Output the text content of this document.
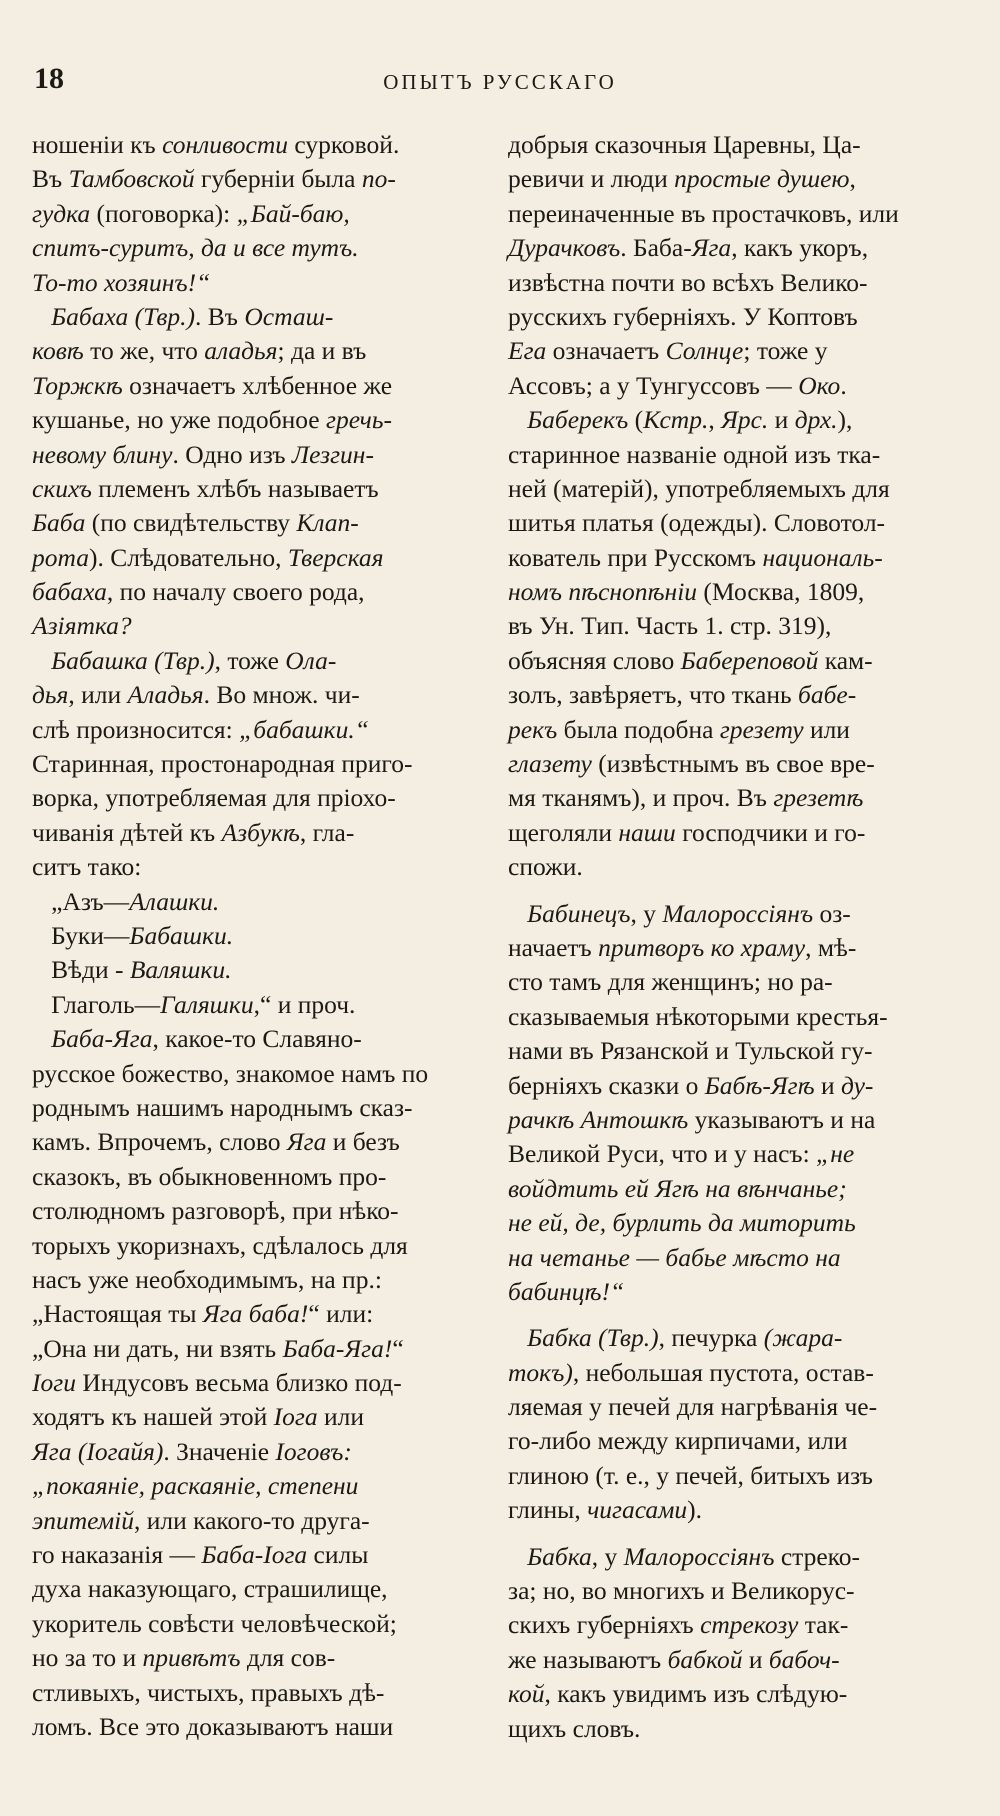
18	ОПЫТЪ РУССКАГО
ношенiи къ сонливости сурковой.
Въ Тамбовской губернiи была по-
гудка (поговорка): „Бай-баю,
спитъ-суритъ, да и все тутъ.
То-то хозяинъ!“
Бабаха (Твр.). Въ Осташ-
ковѣ то же, что аладья; да и въ
Торжкѣ означаетъ хлѣбенное же
кушанье, но уже подобное гречь-
невому блину. Одно изъ Лезгин-
скихъ племенъ хлѣбъ называетъ
Баба (по свидѣтельству Клап-
рота). Слѣдовательно, Тверская
бабаха, по началу своего рода,
Азiятка?
Бабашка (Твр.), тоже Ола-
дья, или Аладья. Во множ. чи-
слѣ произносится: „бабашки.“
Старинная, простонародная приго-
ворка, употребляемая для прiохо-
чиванiя дѣтей къ Азбукѣ, гла-
ситъ тако:
„Азъ—Алашки.
Буки—Бабашки.
Вѣди - Валяшки.
Глаголь—Галяшки,“ и проч.
Баба-Яга, какое-то Славяно-
русское божество, знакомое намъ по
роднымъ нашимъ народнымъ сказ-
камъ. Впрочемъ, слово Яга и безъ
сказокъ, въ обыкновенномъ про-
столюдномъ разговорѣ, при нѣко-
торыхъ укоризнахъ, сдѣлалось для
насъ уже необходимымъ, на пр.:
„Настоящая ты Яга баба!“ или:
„Она ни дать, ни взять Баба-Яга!“
Iоги Индусовъ весьма близко под-
ходятъ къ нашей этой Iога или
Яга (Iогайя). Значенiе Iоговъ:
„покаянiе, раскаянiе, степени
эпитемiй, или какого-то друга-
го наказанiя — Баба-Iога силы
духа наказующаго, страшилище,
укоритель совѣсти человѣческой;
но за то и привѣтъ для сов-
стливыхъ, чистыхъ, правыхъ дѣ-
ломъ. Все это доказываютъ наши
добрыя сказочныя Царевны, Ца-
ревичи и люди простые душею,
переиначенные въ простачковъ, или
Дурачковъ. Баба-Яга, какъ укоръ,
извѣстна почти во всѣхъ Велико-
русскихъ губернiяхъ. У Коптовъ
Ега означаетъ Солнце; тоже у
Ассовъ; а у Тунгуссовъ — Око.
Баберекъ (Кстр., Ярс. и дрх.),
старинное названiе одной изъ тка-
ней (матерiй), употребляемыхъ для
шитья платья (одежды). Словотол-
кователь при Русскомъ националь-
номъ пѣснопѣнiи (Москва, 1809,
въ Ун. Тип. Часть 1. стр. 319),
объясняя слово Бабереповой кам-
золъ, завѣряетъ, что ткань бабе-
рекъ была подобна грезету или
глазету (извѣстнымъ въ свое вре-
мя тканямъ), и проч. Въ грезетѣ
щеголяли наши господчики и го-
спожи.
Бабинецъ, у Малороссiянъ оз-
начаетъ притворъ ко храму, мѣ-
сто тамъ для женщинъ; но ра-
сказываемыя нѣкоторыми крестья-
нами въ Рязанской и Тульской гу-
бернiяхъ сказки о Бабѣ-Ягѣ и ду-
рачкѣ Антошкѣ указываютъ и на
Великой Руси, что и у насъ: „не
войдтить ей Ягѣ на вѣнчанье;
не ей, де, бурлить да миторить
на четанье — бабье мѣсто на
бабинцѣ!“
Бабка (Твр.), печурка (жара-
токъ), небольшая пустота, остав-
ляемая у печей для нагрѣванiя че-
го-либо между кирпичами, или
глиною (т. е., у печей, битыхъ изъ
глины, чигасами).
Бабка, у Малороссiянъ стреко-
за; но, во многихъ и Великорус-
скихъ губернiяхъ стрекозу так-
же называютъ бабкой и бабоч-
кой, какъ увидимъ изъ слѣдую-
щихъ словъ.
